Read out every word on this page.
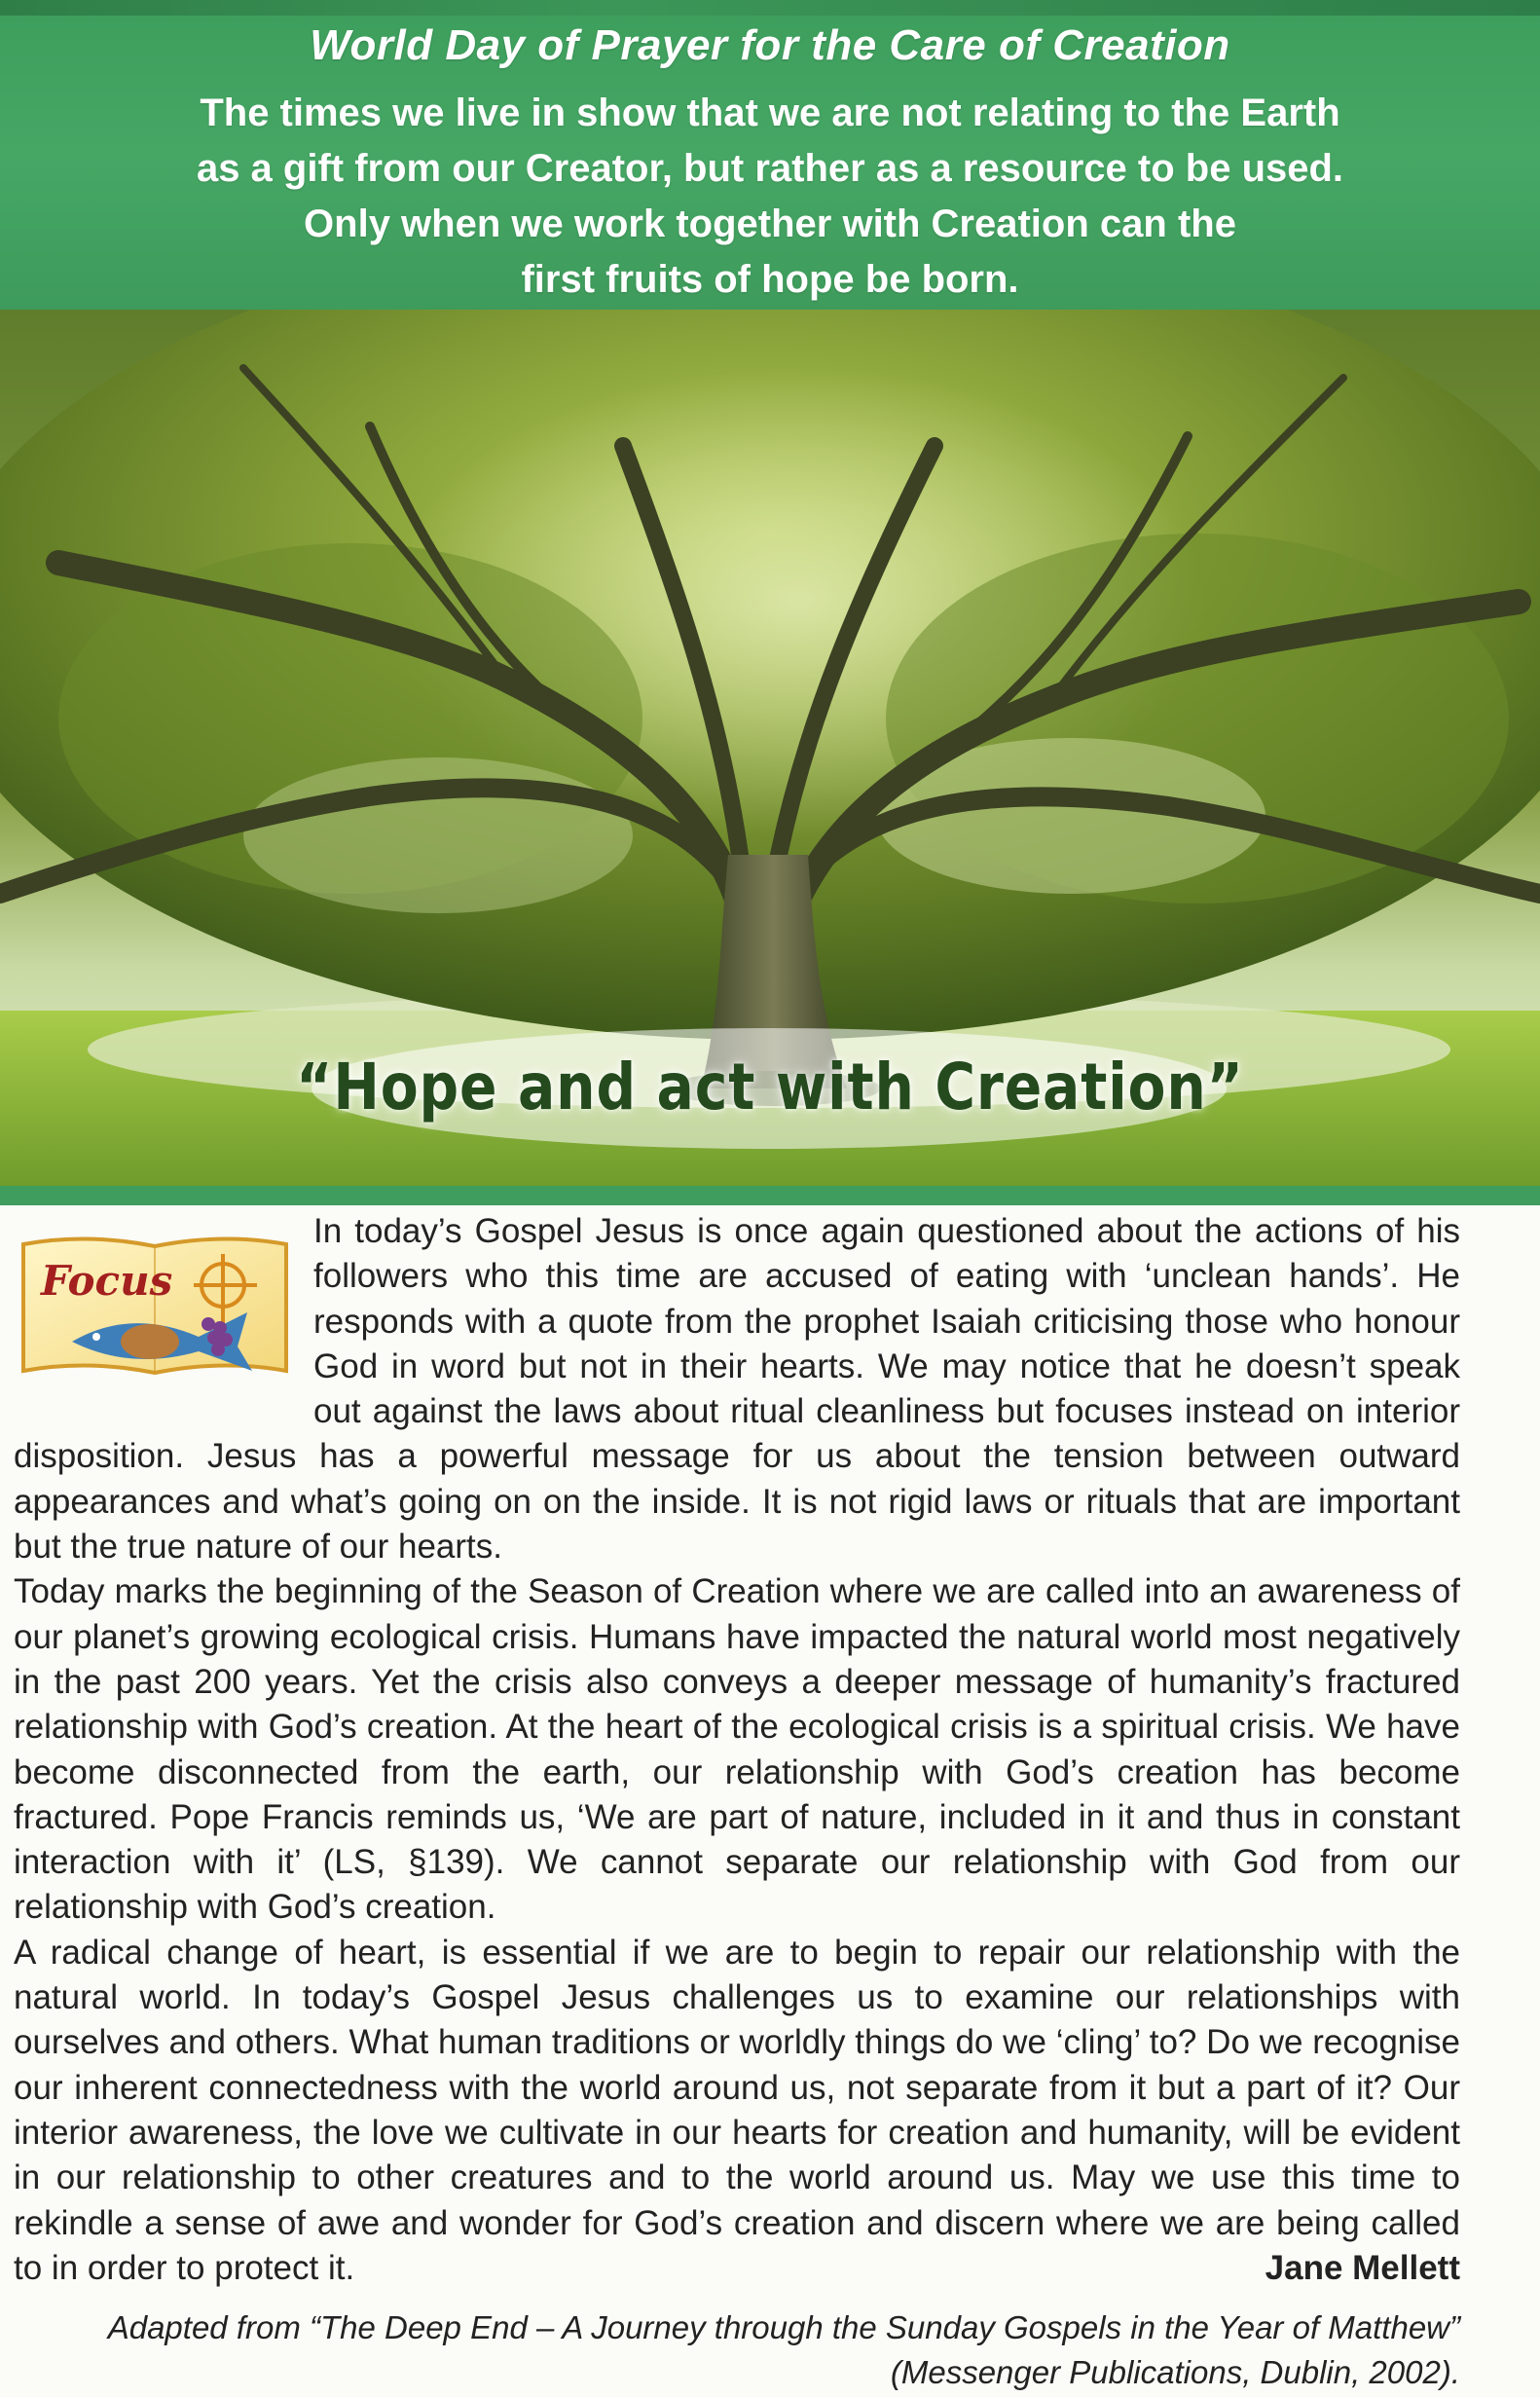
World Day of Prayer for the Care of Creation
The times we live in show that we are not relating to the Earth
as a gift from our Creator, but rather as a resource to be used.
Only when we work together with Creation can the
first fruits of hope be born.
“Hope and act with Creation”
Focus

In today’s Gospel Jesus is once again questioned about the actions of his followers who this time are accused of eating with ‘unclean hands’. He responds with a quote from the prophet Isaiah criticising those who honour God in word but not in their hearts. We may notice that he doesn’t speak out against the laws about ritual cleanliness but focuses instead on interior disposition. Jesus has a powerful message for us about the tension between outward appearances and what’s going on on the inside. It is not rigid laws or rituals that are important but the true nature of our hearts.

Today marks the beginning of the Season of Creation where we are called into an awareness of our planet’s growing ecological crisis. Humans have impacted the natural world most negatively in the past 200 years. Yet the crisis also conveys a deeper message of humanity’s fractured relationship with God’s creation. At the heart of the ecological crisis is a spiritual crisis. We have become disconnected from the earth, our relationship with God’s creation has become fractured. Pope Francis reminds us, ‘We are part of nature, included in it and thus in constant interaction with it’ (LS, §139). We cannot separate our relationship with God from our relationship with God’s creation.

A radical change of heart, is essential if we are to begin to repair our relationship with the natural world. In today’s Gospel Jesus challenges us to examine our relationships with ourselves and others. What human traditions or worldly things do we ‘cling’ to? Do we recognise our inherent connectedness with the world around us, not separate from it but a part of it? Our interior awareness, the love we cultivate in our hearts for creation and humanity, will be evident in our relationship to other creatures and to the world around us. May we use this time to rekindle a sense of awe and wonder for God’s creation and discern where we are being called to in order to protect it.	Jane Mellett

Adapted from “The Deep End – A Journey through the Sunday Gospels in the Year of Matthew”
(Messenger Publications, Dublin, 2002).
